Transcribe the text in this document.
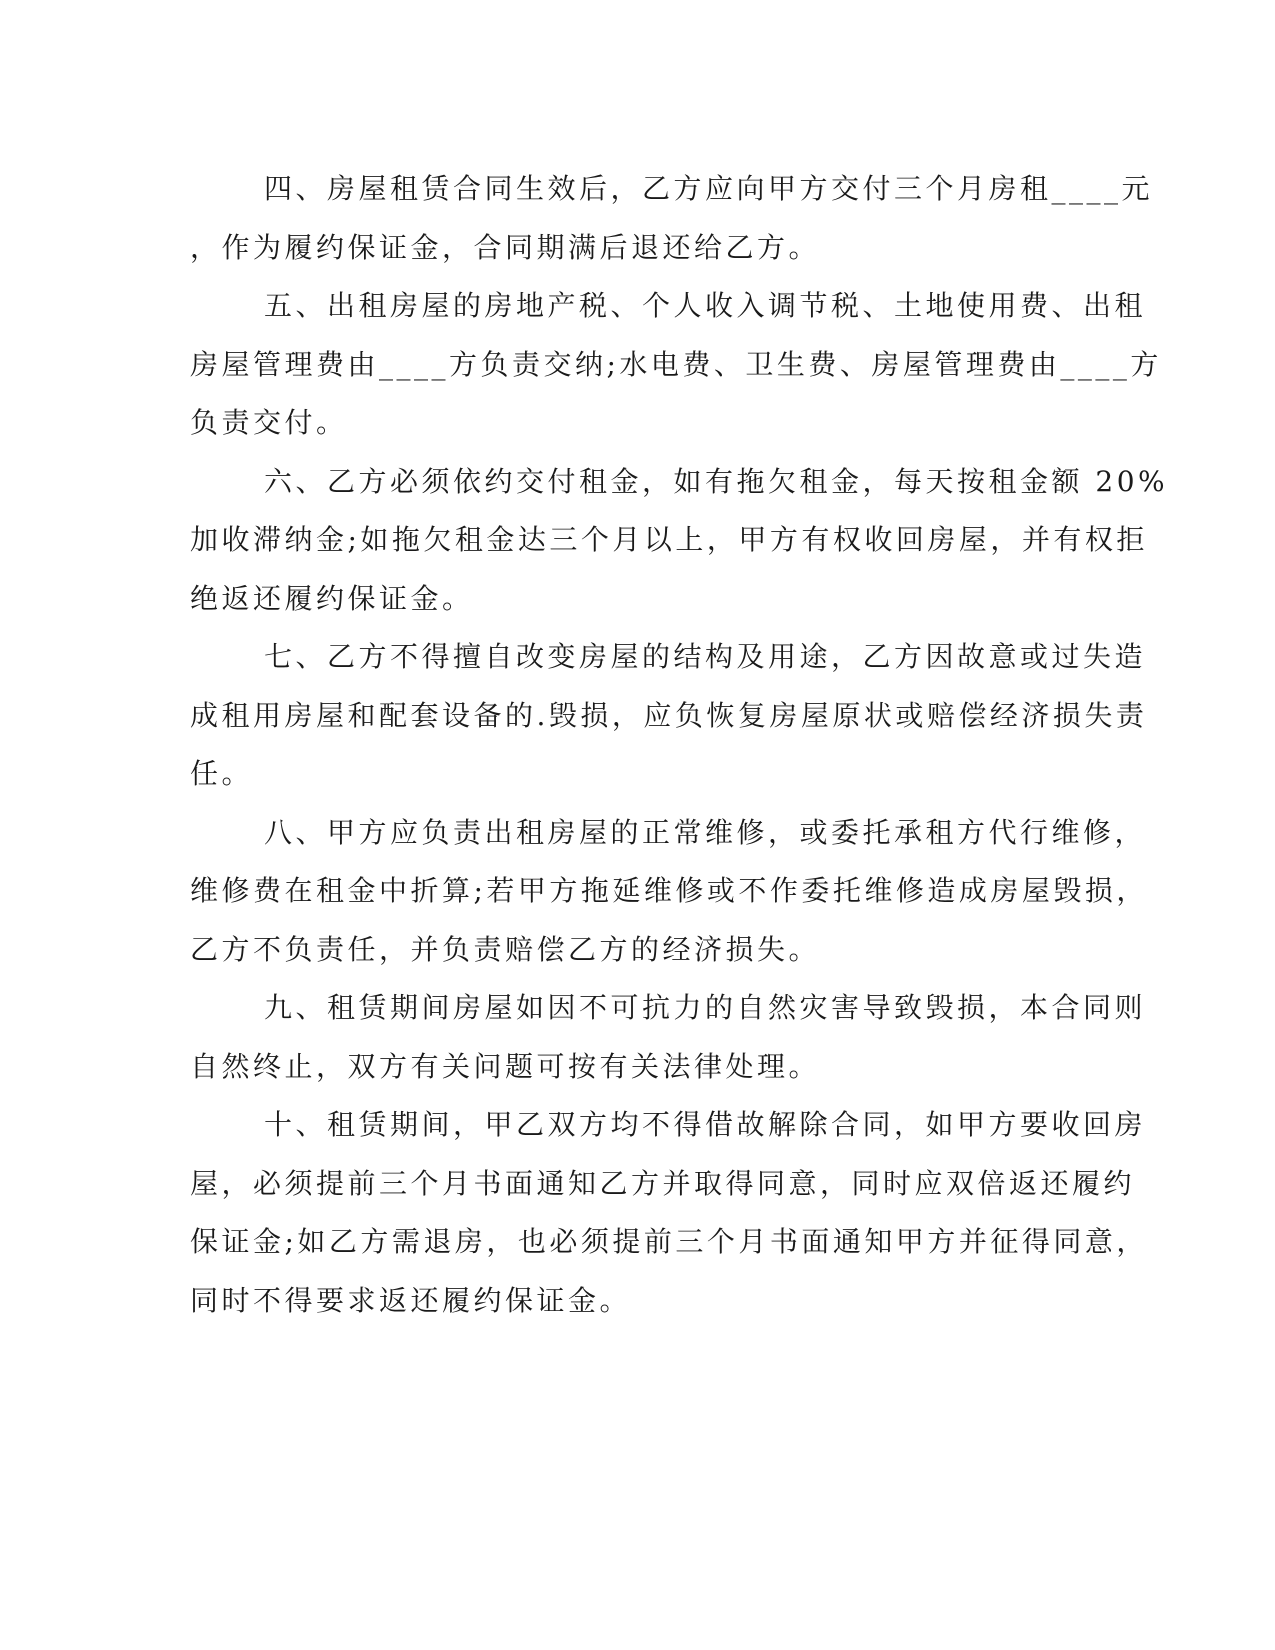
四、房屋租赁合同生效后，乙方应向甲方交付三个月房租____元
，作为履约保证金，合同期满后退还给乙方。
五、出租房屋的房地产税、个人收入调节税、土地使用费、出租
房屋管理费由____方负责交纳;水电费、卫生费、房屋管理费由____方
负责交付。
六、乙方必须依约交付租金，如有拖欠租金，每天按租金额 20%
加收滞纳金;如拖欠租金达三个月以上，甲方有权收回房屋，并有权拒
绝返还履约保证金。
七、乙方不得擅自改变房屋的结构及用途，乙方因故意或过失造
成租用房屋和配套设备的.毁损，应负恢复房屋原状或赔偿经济损失责
任。
八、甲方应负责出租房屋的正常维修，或委托承租方代行维修，
维修费在租金中折算;若甲方拖延维修或不作委托维修造成房屋毁损，
乙方不负责任，并负责赔偿乙方的经济损失。
九、租赁期间房屋如因不可抗力的自然灾害导致毁损，本合同则
自然终止，双方有关问题可按有关法律处理。
十、租赁期间，甲乙双方均不得借故解除合同，如甲方要收回房
屋，必须提前三个月书面通知乙方并取得同意，同时应双倍返还履约
保证金;如乙方需退房，也必须提前三个月书面通知甲方并征得同意，
同时不得要求返还履约保证金。
